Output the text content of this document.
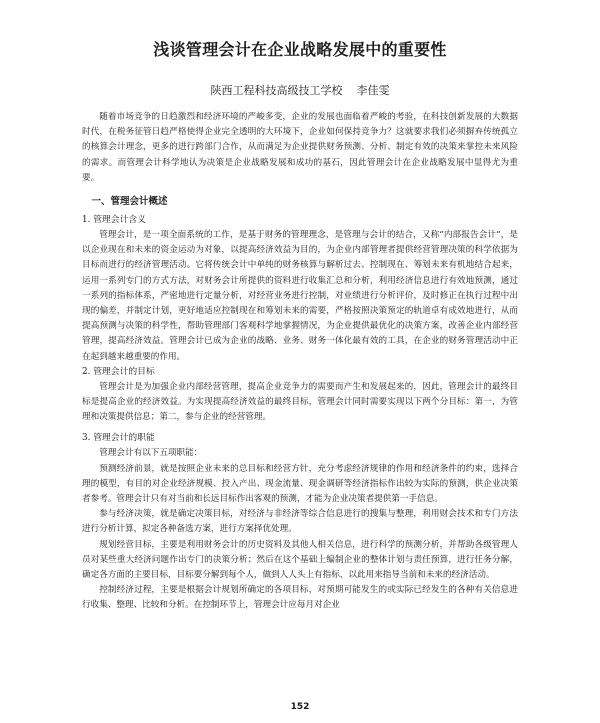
浅谈管理会计在企业战略发展中的重要性
陕西工程科技高级技工学校 李佳雯

随着市场竞争的日趋激烈和经济环境的严峻多变，企业的发展也面临着严峻的考验，在科技创新发展的大数据时代，在税务征管日趋严格使得企业完全透明的大环境下，企业如何保持竞争力？这就要求我们必须摒弃传统孤立的核算会计理念，更多的进行跨部门合作，从而满足为企业提供财务预测、分析、制定有效的决策来掌控未来风险的需求。而管理会计科学地认为决策是企业战略发展和成功的基石，因此管理会计在企业战略发展中显得尤为重要。

一、管理会计概述
1. 管理会计含义

管理会计，是一项全面系统的工作，是基于财务的管理理念，是管理与会计的结合，又称“内部报告会计”，是以企业现在和未来的资金运动为对象，以提高经济效益为目的，为企业内部管理者提供经营管理决策的科学依据为目标而进行的经济管理活动。它将传统会计中单纯的财务核算与解析过去、控制现在、筹划未来有机地结合起来，运用一系列专门的方式方法，对财务会计所提供的资料进行收集汇总和分析，利用经济信息进行有效地预测，通过一系列的指标体系，严密地进行定量分析，对经营业务进行控制，对业绩进行分析评价，及时修正在执行过程中出现的偏差，并制定计划，更好地适应控制现在和筹划未来的需要，严格按照决策预定的轨道卓有成效地进行，从而提高预测与决策的科学性，帮助管理部门客观科学地掌握情况，为企业提供最优化的决策方案，改善企业内部经营管理，提高经济效益。管理会计已成为企业的战略、业务、财务一体化最有效的工具，在企业的财务管理活动中正在起到越来越重要的作用。

2. 管理会计的目标

管理会计是为加强企业内部经营管理，提高企业竞争力的需要而产生和发展起来的，因此，管理会计的最终目标是提高企业的经济效益。为实现提高经济效益的最终目标，管理会计同时需要实现以下两个分目标：第一，为管理和决策提供信息；第二，参与企业的经营管理。

3. 管理会计的职能

管理会计有以下五项职能：

预测经济前景，就是按照企业未来的总目标和经营方针，充分考虑经济规律的作用和经济条件的约束，选择合理的模型，有目的对企业经济规模、投入产出、现金流量、现金调研等经济指标作出较为实际的预测，供企业决策者参考。管理会计只有对当前和长远目标作出客观的预测，才能为企业决策者提供第一手信息。

参与经济决策，就是确定决策目标，对经济与非经济等综合信息进行的搜集与整理，利用财会技术和专门方法进行分析计算，拟定各种备选方案，进行方案择优处理。

规划经营目标，主要是利用财务会计的历史资料及其他人相关信息，进行科学的预测分析，并帮助各级管理人员对某些重大经济问题作出专门的决策分析；然后在这个基础上编制企业的整体计划与责任预算，进行任务分解，确定各方面的主要目标，目标要分解到每个人，做到人人头上有指标，以此用来指导当前和未来的经济活动。

控制经济过程，主要是根据会计规划所确定的各项目标，对预期可能发生的或实际已经发生的各种有关信息进行收集、整理、比较和分析。在控制环节上，管理会计应每月对企业

152
